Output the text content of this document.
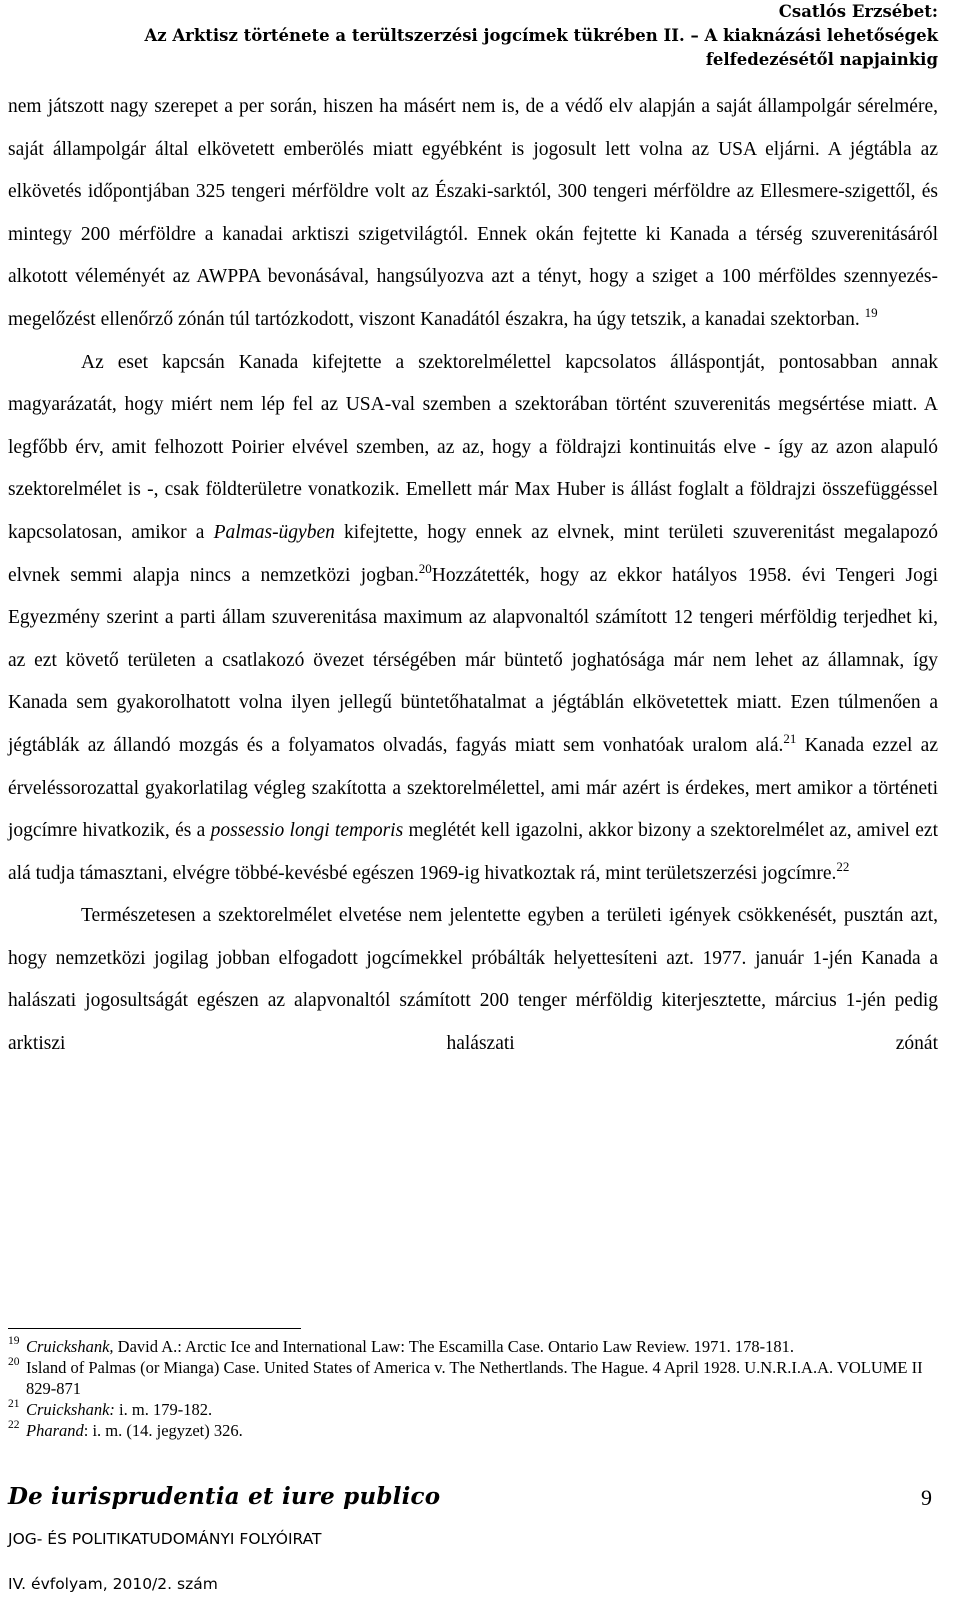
Csatlós Erzsébet:
Az Arktisz története a terültszerzési jogcímek tükrében II. – A kiaknázási lehetőségek
felfedezésétől napjainkig

nem játszott nagy szerepet a per során, hiszen ha másért nem is, de a védő elv alapján a saját állampolgár sérelmére, saját állampolgár által elkövetett emberölés miatt egyébként is jogosult lett volna az USA eljárni. A jégtábla az elkövetés időpontjában 325 tengeri mérföldre volt az Északi-sarktól, 300 tengeri mérföldre az Ellesmere-szigettől, és mintegy 200 mérföldre a kanadai arktiszi szigetvilágtól. Ennek okán fejtette ki Kanada a térség szuverenitásáról alkotott véleményét az AWPPA bevonásával, hangsúlyozva azt a tényt, hogy a sziget a 100 mérföldes szennyezés-megelőzést ellenőrző zónán túl tartózkodott, viszont Kanadától északra, ha úgy tetszik, a kanadai szektorban. $^{19}$

Az eset kapcsán Kanada kifejtette a szektorelmélettel kapcsolatos álláspontját, pontosabban annak magyarázatát, hogy miért nem lép fel az USA-val szemben a szektorában történt szuverenitás megsértése miatt. A legfőbb érv, amit felhozott Poirier elvével szemben, az az, hogy a földrajzi kontinuitás elve - így az azon alapuló szektorelmélet is -, csak földterületre vonatkozik. Emellett már Max Huber is állást foglalt a földrajzi összefüggéssel kapcsolatosan, amikor a Palmas-ügyben kifejtette, hogy ennek az elvnek, mint területi szuverenitást megalapozó elvnek semmi alapja nincs a nemzetközi jogban.$^{20}$Hozzátették, hogy az ekkor hatályos 1958. évi Tengeri Jogi Egyezmény szerint a parti állam szuverenitása maximum az alapvonaltól számított 12 tengeri mérföldig terjedhet ki, az ezt követő területen a csatlakozó övezet térségében már büntető joghatósága már nem lehet az államnak, így Kanada sem gyakorolhatott volna ilyen jellegű büntetőhatalmat a jégtáblán elkövetettek miatt. Ezen túlmenően a jégtáblák az állandó mozgás és a folyamatos olvadás, fagyás miatt sem vonhatóak uralom alá.$^{21}$ Kanada ezzel az érveléssorozattal gyakorlatilag végleg szakította a szektorelmélettel, ami már azért is érdekes, mert amikor a történeti jogcímre hivatkozik, és a possessio longi temporis meglétét kell igazolni, akkor bizony a szektorelmélet az, amivel ezt alá tudja támasztani, elvégre többé-kevésbé egészen 1969-ig hivatkoztak rá, mint területszerzési jogcímre.$^{22}$

Természetesen a szektorelmélet elvetése nem jelentette egyben a területi igények csökkenését, pusztán azt, hogy nemzetközi jogilag jobban elfogadott jogcímekkel próbálták helyettesíteni azt. 1977. január 1-jén Kanada a halászati jogosultságát egészen az alapvonaltól számított 200 tenger mérföldig kiterjesztette, március 1-jén pedig arktiszi halászati zónát

19 Cruickshank, David A.: Arctic Ice and International Law: The Escamilla Case. Ontario Law Review. 1971. 178-181.

20 Island of Palmas (or Mianga) Case. United States of America v. The Nethertlands. The Hague. 4 April 1928. U.N.R.I.A.A. VOLUME II 829-871

21 Cruickshank: i. m. 179-182.

22 Pharand: i. m. (14. jegyzet) 326.

De iurisprudentia et iure publico
JOG- ÉS POLITIKATUDOMÁNYI FOLYÓIRAT
IV. évfolyam, 2010/2. szám
9
